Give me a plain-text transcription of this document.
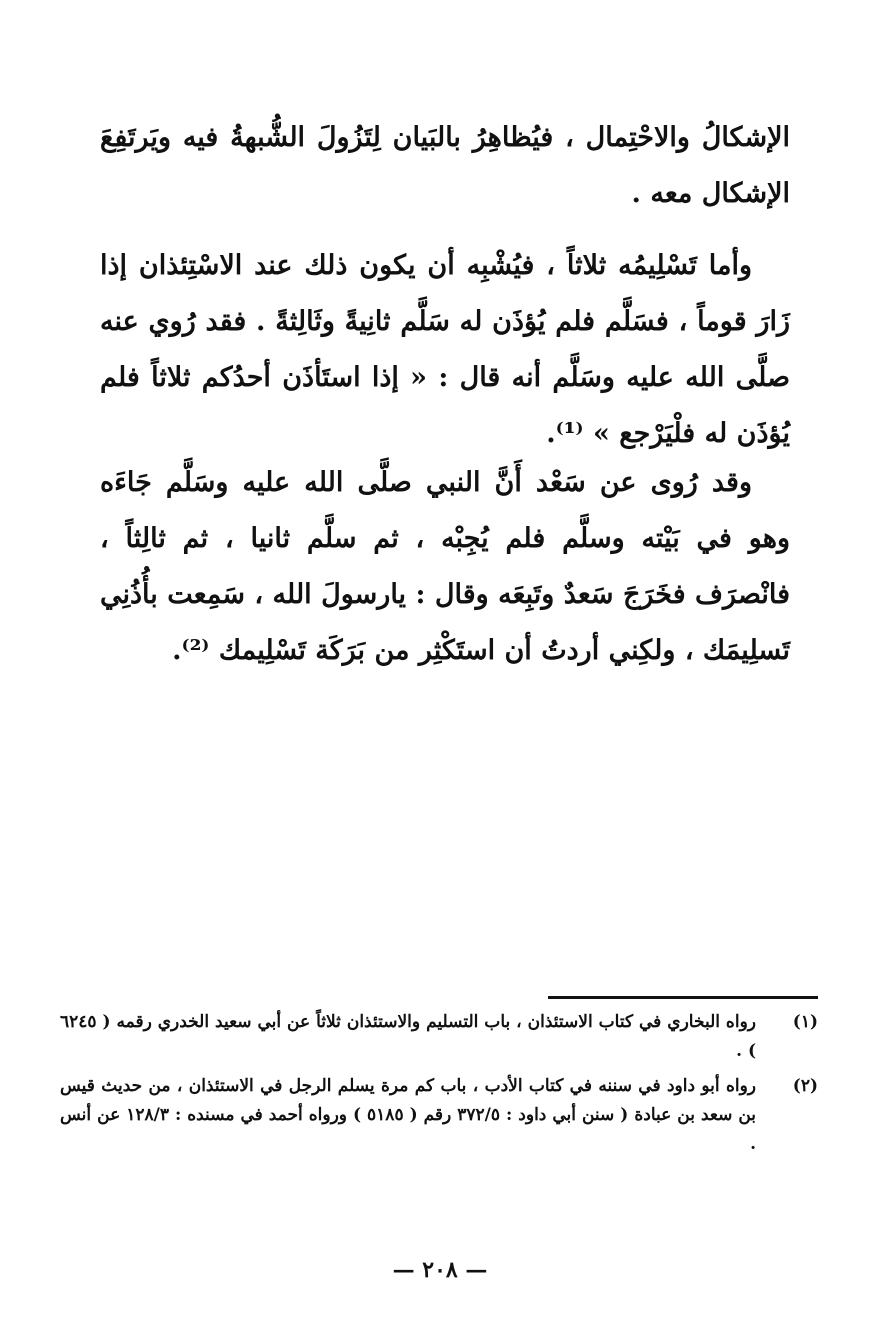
الإشكالُ والاحْتِمال ، فيُظاهِرُ بالبَيان لِتَزُولَ الشُّبهةُ فيه ويَرتَفِعَ الإشكال معه .

وأما تَسْلِيمُه ثلاثاً ، فيُشْبِه أن يكون ذلك عند الاسْتِئذان إذا زَارَ قوماً ، فسَلَّم فلم يُؤذَن له سَلَّم ثانِيةً وثَالِثةً . فقد رُوي عنه صلَّى الله عليه وسَلَّم أنه قال : « إذا استَأذَن أحدُكم ثلاثاً فلم يُؤذَن له فلْيَرْجع » ⁽¹⁾.

وقد رُوى عن سَعْد أَنَّ النبي صلَّى الله عليه وسَلَّم جَاءَه وهو في بَيْته وسلَّم فلم يُجِبْه ، ثم سلَّم ثانيا ، ثم ثالِثاً ، فانْصرَف فخَرَجَ سَعدٌ وتَبِعَه وقال : يارسولَ الله ، سَمِعت بأُذُنِي تَسلِيمَك ، ولكِني أردتُ أن استَكْثِر من بَرَكَة تَسْلِيمك ⁽²⁾.

(١)
رواه البخاري في كتاب الاستئذان ، باب التسليم والاستئذان ثلاثاً عن أبي سعيد الخدري رقمه ( ٦٢٤٥ ) .
(٢)
رواه أبو داود في سننه في كتاب الأدب ، باب كم مرة يسلم الرجل في الاستئذان ، من حديث قيس بن سعد بن عبادة ( سنن أبي داود : ٣٧٢/٥ رقم ( ٥١٨٥ ) ورواه أحمد في مسنده : ١٢٨/٣ عن أنس .
— ٢٠٨ —
